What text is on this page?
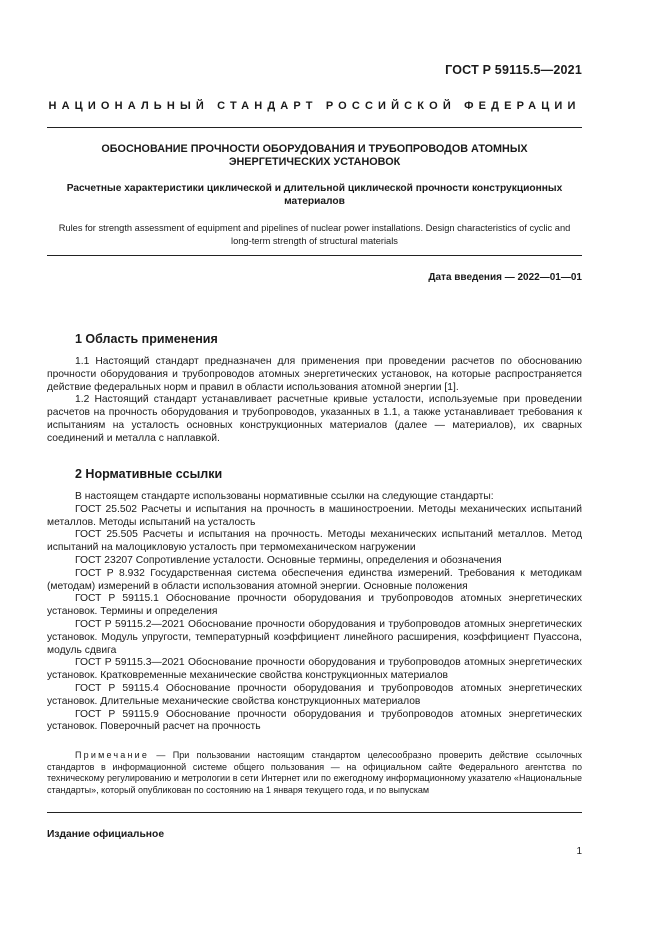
ГОСТ Р 59115.5—2021
НАЦИОНАЛЬНЫЙ СТАНДАРТ РОССИЙСКОЙ ФЕДЕРАЦИИ
ОБОСНОВАНИЕ ПРОЧНОСТИ ОБОРУДОВАНИЯ И ТРУБОПРОВОДОВ АТОМНЫХ ЭНЕРГЕТИЧЕСКИХ УСТАНОВОК
Расчетные характеристики циклической и длительной циклической прочности конструкционных материалов
Rules for strength assessment of equipment and pipelines of nuclear power installations. Design characteristics of cyclic and long-term strength of structural materials
Дата введения — 2022—01—01
1 Область применения

1.1 Настоящий стандарт предназначен для применения при проведении расчетов по обоснованию прочности оборудования и трубопроводов атомных энергетических установок, на которые распространяется действие федеральных норм и правил в области использования атомной энергии [1].

1.2 Настоящий стандарт устанавливает расчетные кривые усталости, используемые при проведении расчетов на прочность оборудования и трубопроводов, указанных в 1.1, а также устанавливает требования к испытаниям на усталость основных конструкционных материалов (далее — материалов), их сварных соединений и металла с наплавкой.

2 Нормативные ссылки

В настоящем стандарте использованы нормативные ссылки на следующие стандарты:

ГОСТ 25.502 Расчеты и испытания на прочность в машиностроении. Методы механических испытаний металлов. Методы испытаний на усталость

ГОСТ 25.505 Расчеты и испытания на прочность. Методы механических испытаний металлов. Метод испытаний на малоцикловую усталость при термомеханическом нагружении

ГОСТ 23207 Сопротивление усталости. Основные термины, определения и обозначения

ГОСТ Р 8.932 Государственная система обеспечения единства измерений. Требования к методикам (методам) измерений в области использования атомной энергии. Основные положения

ГОСТ Р 59115.1 Обоснование прочности оборудования и трубопроводов атомных энергетических установок. Термины и определения

ГОСТ Р 59115.2—2021 Обоснование прочности оборудования и трубопроводов атомных энергетических установок. Модуль упругости, температурный коэффициент линейного расширения, коэффициент Пуассона, модуль сдвига

ГОСТ Р 59115.3—2021 Обоснование прочности оборудования и трубопроводов атомных энергетических установок. Кратковременные механические свойства конструкционных материалов

ГОСТ Р 59115.4 Обоснование прочности оборудования и трубопроводов атомных энергетических установок. Длительные механические свойства конструкционных материалов

ГОСТ Р 59115.9 Обоснование прочности оборудования и трубопроводов атомных энергетических установок. Поверочный расчет на прочность

Примечание — При пользовании настоящим стандартом целесообразно проверить действие ссылочных стандартов в информационной системе общего пользования — на официальном сайте Федерального агентства по техническому регулированию и метрологии в сети Интернет или по ежегодному информационному указателю «Национальные стандарты», который опубликован по состоянию на 1 января текущего года, и по выпускам
Издание официальное
1
